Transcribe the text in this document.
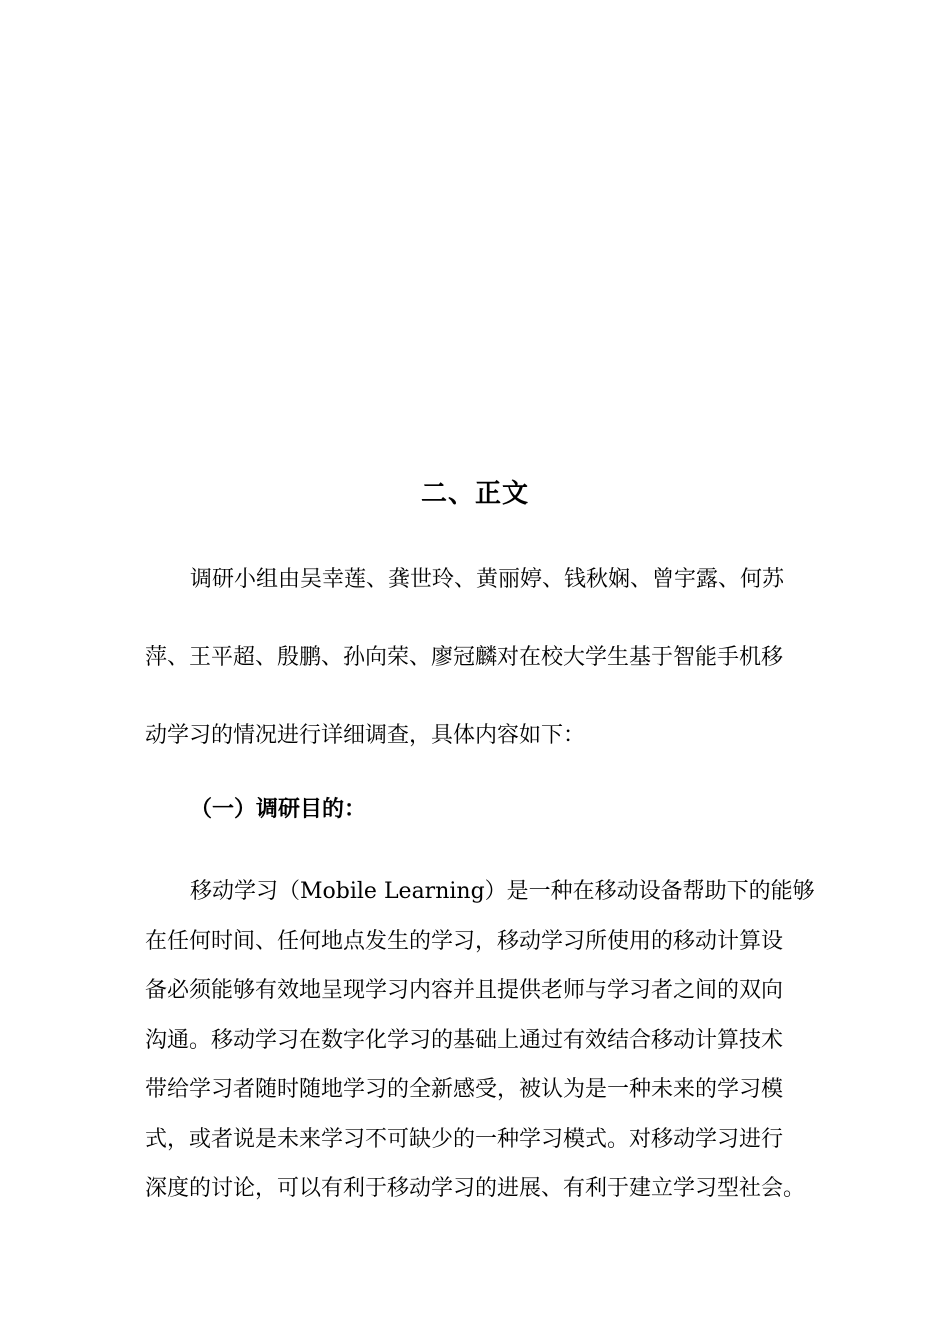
二、正文
调研小组由吴幸莲、龚世玲、黄丽婷、钱秋娴、曾宇露、何苏
萍、王平超、殷鹏、孙向荣、廖冠麟对在校大学生基于智能手机移
动学习的情况进行详细调查，具体内容如下：
（一）调研目的：
移动学习（Mobile Learning）是一种在移动设备帮助下的能够
在任何时间、任何地点发生的学习，移动学习所使用的移动计算设
备必须能够有效地呈现学习内容并且提供老师与学习者之间的双向
沟通。移动学习在数字化学习的基础上通过有效结合移动计算技术
带给学习者随时随地学习的全新感受，被认为是一种未来的学习模
式，或者说是未来学习不可缺少的一种学习模式。对移动学习进行
深度的讨论，可以有利于移动学习的进展、有利于建立学习型社会。
